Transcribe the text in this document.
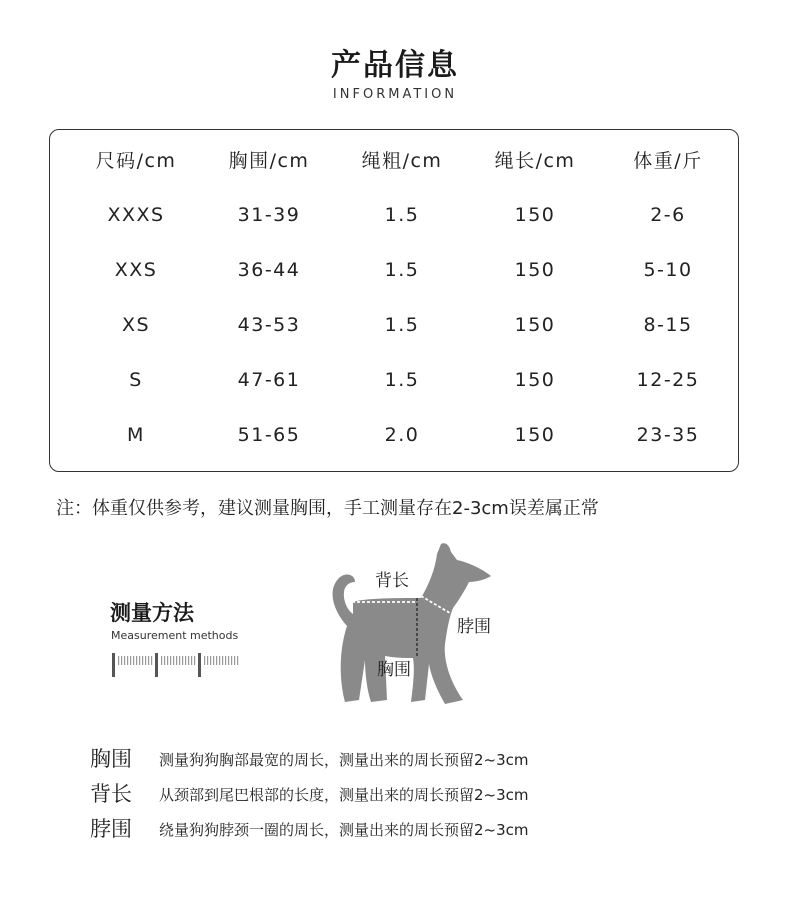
产品信息
INFORMATION
尺码/cm	胸围/cm	绳粗/cm	绳长/cm	体重/斤
XXXS	31-39	1.5	150	2-6
XXS	36-44	1.5	150	5-10
XS	43-53	1.5	150	8-15
S	47-61	1.5	150	12-25
M	51-65	2.0	150	23-35
注：体重仅供参考，建议测量胸围，手工测量存在2-3cm误差属正常
测量方法
Measurement methods
背长
脖围
胸围
胸围 测量狗狗胸部最宽的周长，测量出来的周长预留2~3cm
背长 从颈部到尾巴根部的长度，测量出来的周长预留2~3cm
脖围 绕量狗狗脖颈一圈的周长，测量出来的周长预留2~3cm
